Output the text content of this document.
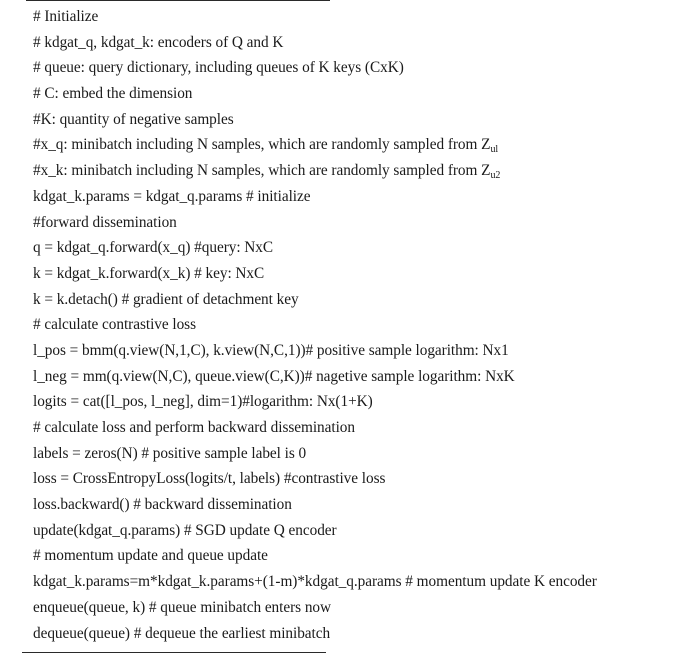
# Initialize
# kdgat_q, kdgat_k: encoders of Q and K
# queue: query dictionary, including queues of K keys (CxK)
# C: embed the dimension
#K: quantity of negative samples
#x_q: minibatch including N samples, which are randomly sampled from Zul
#x_k: minibatch including N samples, which are randomly sampled from Zu2
kdgat_k.params = kdgat_q.params # initialize
#forward dissemination
q = kdgat_q.forward(x_q) #query: NxC
k = kdgat_k.forward(x_k) # key: NxC
k = k.detach() # gradient of detachment key
# calculate contrastive loss
l_pos = bmm(q.view(N,1,C), k.view(N,C,1))# positive sample logarithm: Nx1
l_neg = mm(q.view(N,C), queue.view(C,K))# nagetive sample logarithm: NxK
logits = cat([l_pos, l_neg], dim=1)#logarithm: Nx(1+K)
# calculate loss and perform backward dissemination
labels = zeros(N) # positive sample label is 0
loss = CrossEntropyLoss(logits/t, labels) #contrastive loss
loss.backward() # backward dissemination
update(kdgat_q.params) # SGD update Q encoder
# momentum update and queue update
kdgat_k.params=m*kdgat_k.params+(1-m)*kdgat_q.params # momentum update K encoder
enqueue(queue, k) # queue minibatch enters now
dequeue(queue) # dequeue the earliest minibatch
